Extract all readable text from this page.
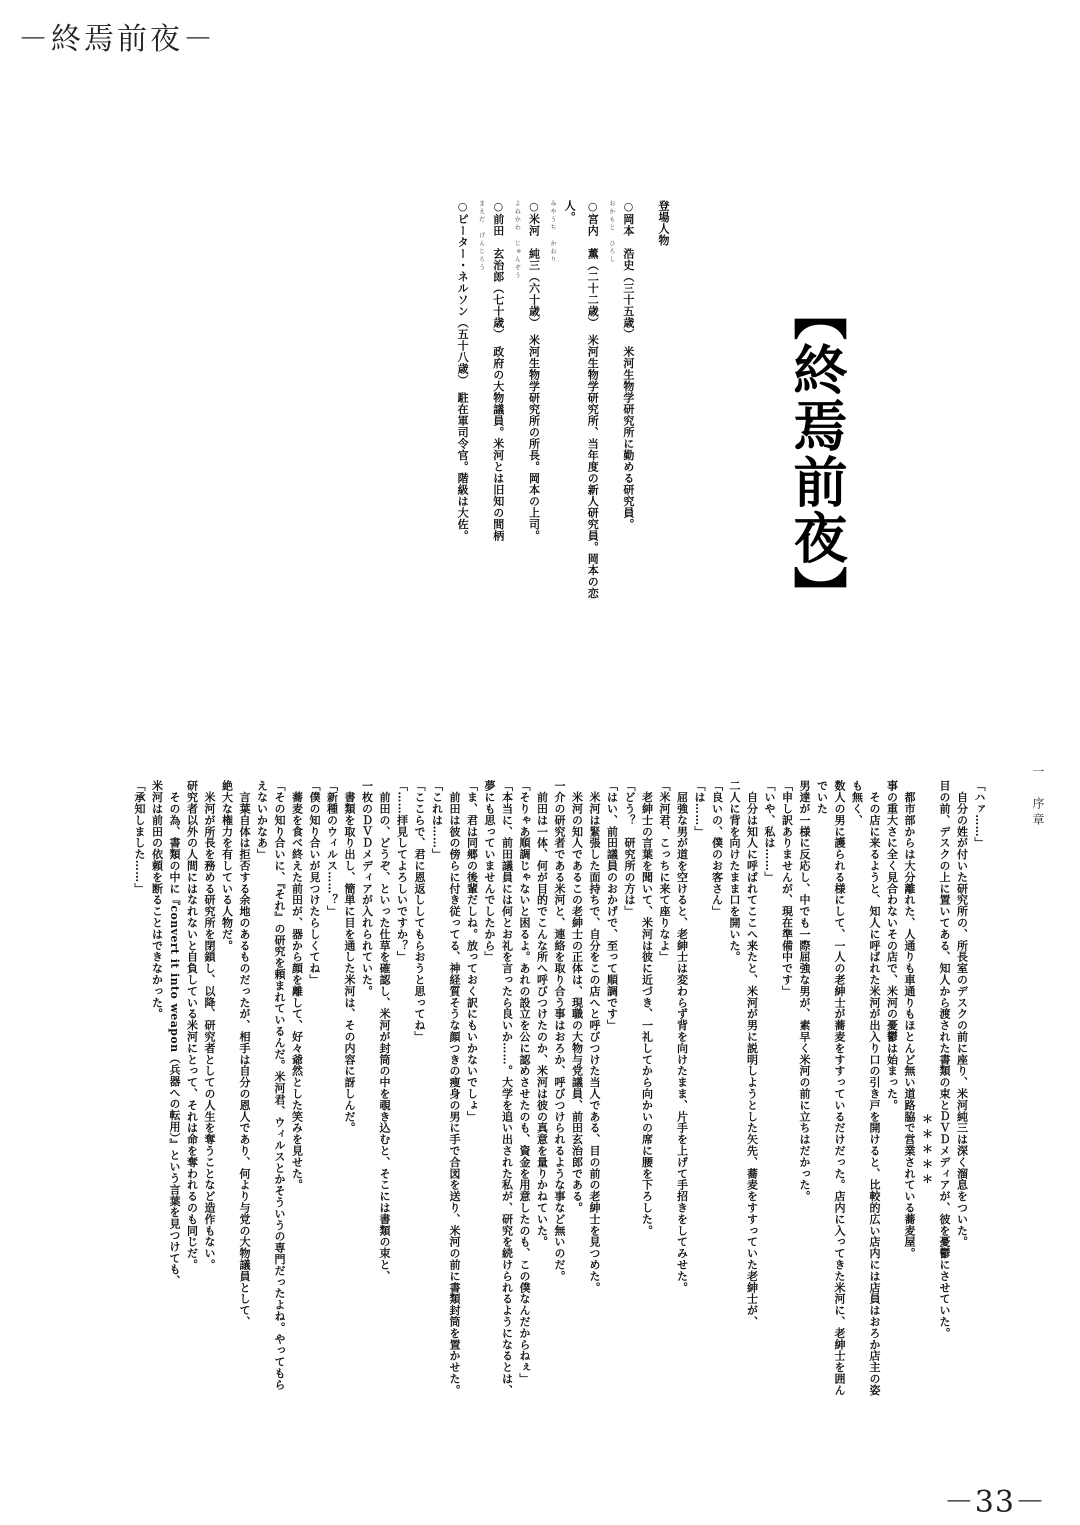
－終焉前夜－
【終焉前夜】
登場人物
○岡本　浩史（三十五歳）　米河生物学研究所に勤める研究員。
おかもと　ひろし
○宮内　薫（二十二歳）　米河生物学研究所、当年度の新人研究員。岡本の恋人。
みやうち　かおり
○米河　純三（六十歳）　米河生物学研究所の所長。岡本の上司。
よねかわ　じゅんぞう
○前田　玄治郎（七十歳）　政府の大物議員。米河とは旧知の間柄
まえだ　げんじろう
○ピーター・ネルソン（五十八歳）　駐在軍司令官。階級は大佐。
一　序章

「ハァ……」

　自分の姓が付いた研究所の、所長室のデスクの前に座り、米河純三は深く溜息をついた。

目の前、デスクの上に置いてある、知人から渡された書類の束とＤＶＤメディアが、彼を憂鬱にさせていた。

＊＊＊＊＊

　都市部からは大分離れた、人通りも車通りもほとんど無い道路脇で営業されている蕎麦屋。

事の重大さに全く見合わないその店で、米河の憂鬱は始まった。

　その店に来るようと、知人に呼ばれた米河が出入り口の引き戸を開けると、比較的広い店内には店員はおろか店主の姿も無く、

数人の男に護られる様にして、一人の老紳士が蕎麦をすすっているだけだった。店内に入ってきた米河に、老紳士を囲んでいた

男達が一様に反応し、中でも一際屈強な男が、素早く米河の前に立ちはだかった。

「申し訳ありませんが、現在準備中です」

「いや、私は……」

　自分は知人に呼ばれてここへ来たと、米河が男に説明しようとした矢先、蕎麦をすすっていた老紳士が、

二人に背を向けたまま口を開いた。

「良いの、僕のお客さん」

「は……」

　屈強な男が道を空けると、老紳士は変わらず背を向けたまま、片手を上げて手招きをしてみせた。

「米河君、こっちに来て座りなよ」

　老紳士の言葉を聞いて、米河は彼に近づき、一礼してから向かいの席に腰を下ろした。

「どう？　研究所の方は」

「はい、前田議員のおかげで、至って順調です」

　米河は緊張した面持ちで、自分をこの店へと呼びつけた当人である、目の前の老紳士を見つめた。

　米河の知人であるこの老紳士の正体は、現職の大物与党議員、前田玄治郎である。

一介の研究者である米河と、連絡を取り合う事はおろか、呼びつけられるような事など無いのだ。

　前田は一体、何が目的でこんな所へ呼びつけたのか、米河は彼の真意を量りかねていた。

「そりゃあ順調じゃないと困るよ。あれの設立を公に認めさせたのも、資金を用意したのも、この僕なんだからねぇ」

「本当に、前田議員には何とお礼を言ったら良いか……。大学を追い出された私が、研究を続けられるようになるとは、

夢にも思っていませんでしたから」

「ま、君は同郷の後輩だしね。放っておく訳にもいかないでしょ」

　前田は彼の傍らに付き従ってる、神経質そうな顔つきの痩身の男に手で合図を送り、米河の前に書類封筒を置かせた。

「これは……」

「ここらで、君に恩返ししてもらおうと思ってね」

「……拝見してよろしいですか？」

　前田の、どうぞ、といった仕草を確認し、米河が封筒の中を覗き込むと、そこには書類の束と、

一枚のＤＶＤメディアが入れられていた。

　書類を取り出し、簡単に目を通した米河は、その内容に訝しんだ。

「新種のウィルス……？」

「僕の知り合いが見つけたらしくてね」

　蕎麦を食べ終えた前田が、器から顔を離して、好々爺然とした笑みを見せた。

「その知り合いに、『それ』の研究を頼まれているんだ。米河君、ウィルスとかそういうの専門だったよね。やってもらえないかなあ」

　言葉自体は拒否する余地のあるものだったが、相手は自分の恩人であり、何より与党の大物議員として、

絶大な権力を有している人物だ。

　米河が所長を務める研究所を閉鎖し、以降、研究者としての人生を奪うことなど造作もない。

研究者以外の人間にはなれないと自負している米河にとって、それは命を奪われるのも同じだ。

　その為、書類の中に『convert it into weapon（兵器への転用）』という言葉を見つけても、

米河は前田の依頼を断ることはできなかった。

「承知しました……」

－33－
